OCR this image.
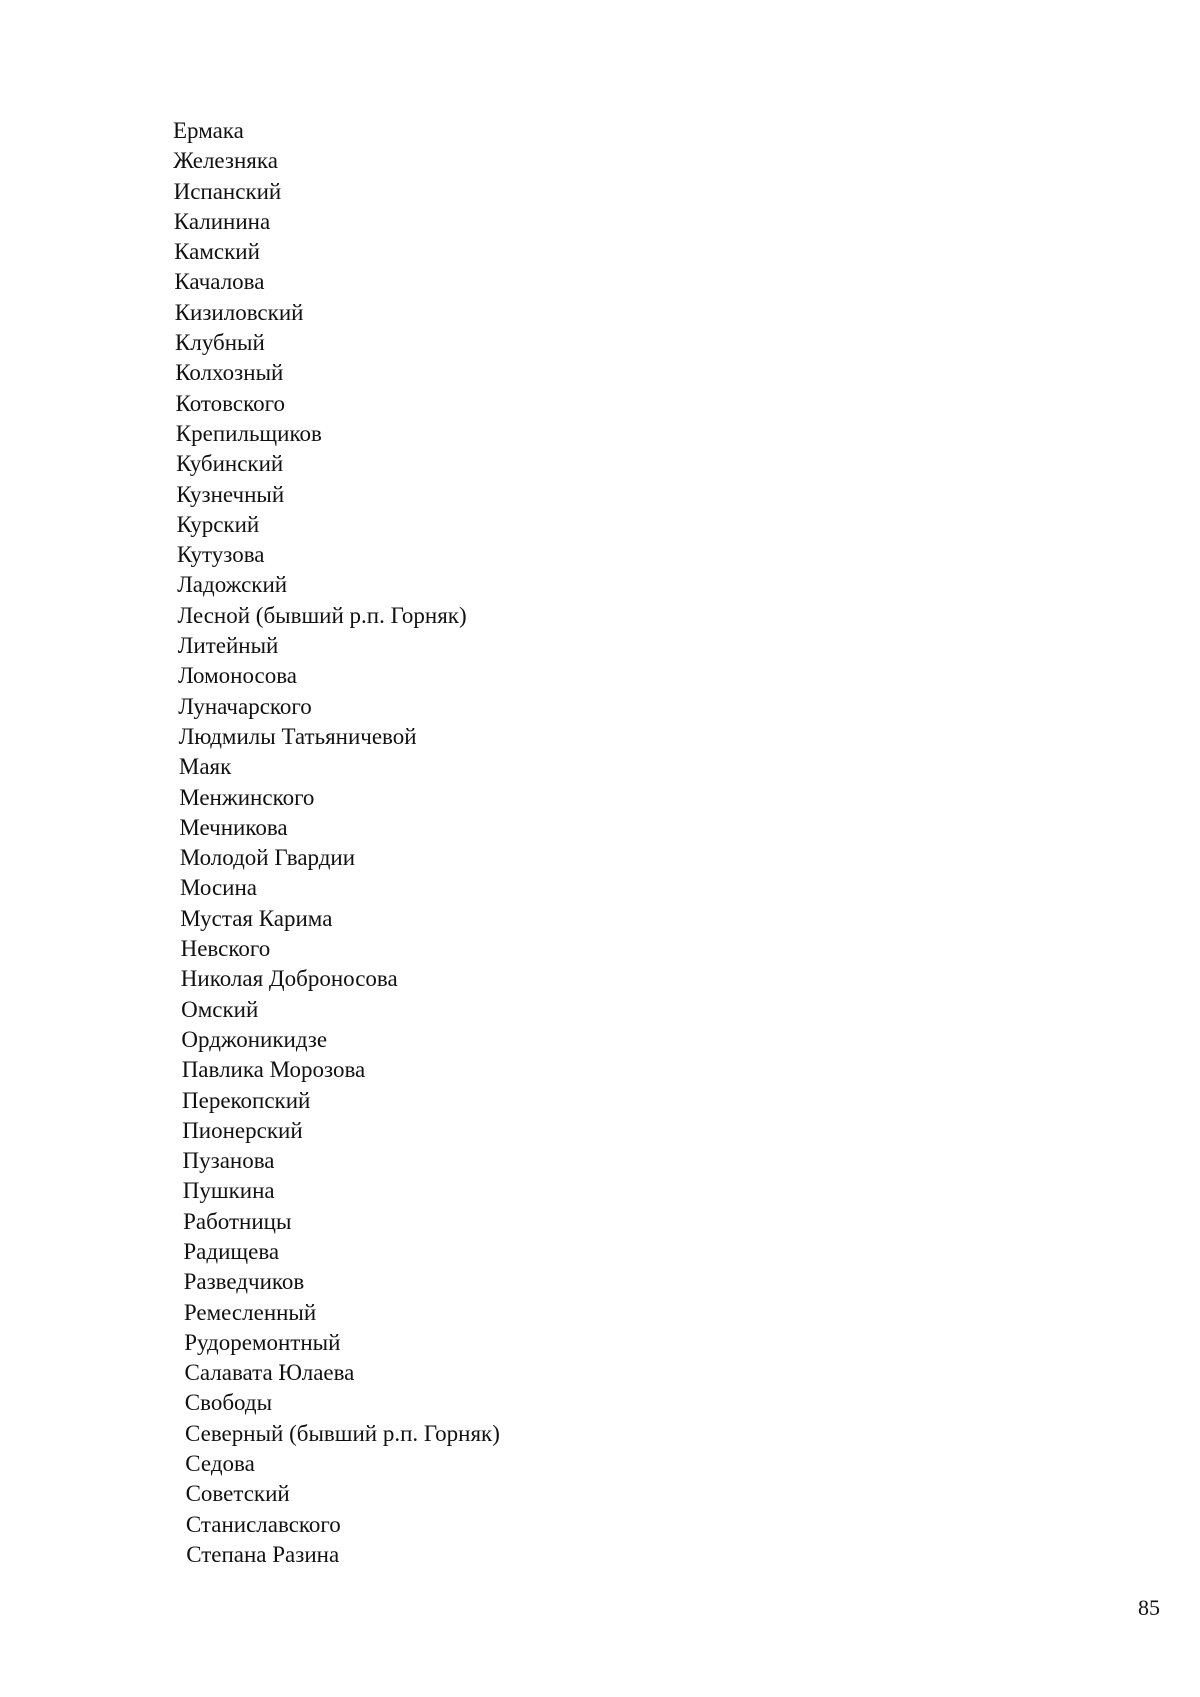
Ермака
Железняка
Испанский
Калинина
Камский
Качалова
Кизиловский
Клубный
Колхозный
Котовского
Крепильщиков
Кубинский
Кузнечный
Курский
Кутузова
Ладожский
Лесной (бывший р.п. Горняк)
Литейный
Ломоносова
Луначарского
Людмилы Татьяничевой
Маяк
Менжинского
Мечникова
Молодой Гвардии
Мосина
Мустая Карима
Невского
Николая Доброносова
Омский
Орджоникидзе
Павлика Морозова
Перекопский
Пионерский
Пузанова
Пушкина
Работницы
Радищева
Разведчиков
Ремесленный
Рудоремонтный
Салавата Юлаева
Свободы
Северный (бывший р.п. Горняк)
Седова
Советский
Станиславского
Степана Разина
85
